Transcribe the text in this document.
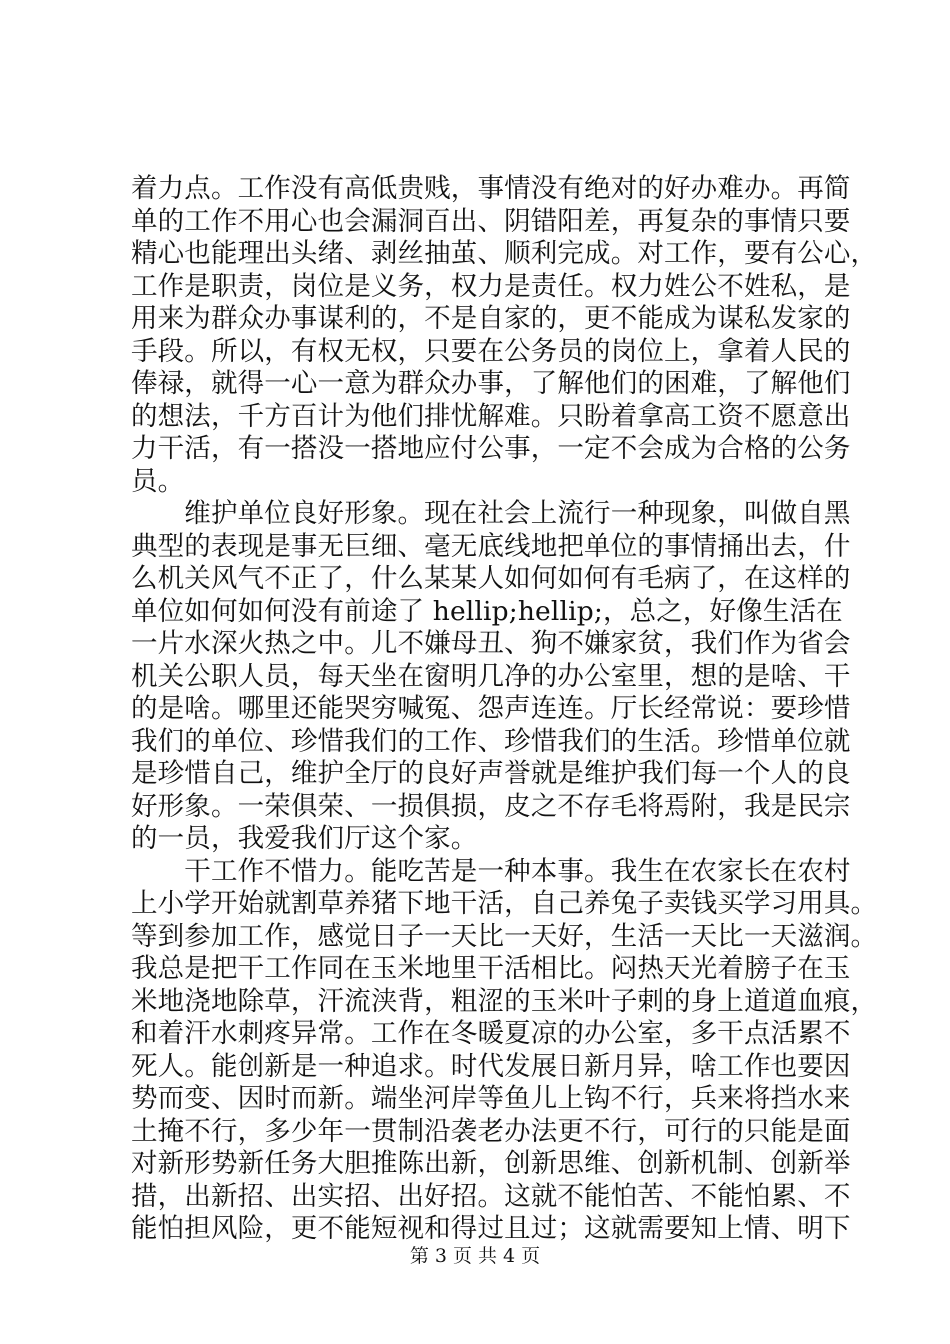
着力点。工作没有高低贵贱，事情没有绝对的好办难办。再简
单的工作不用心也会漏洞百出、阴错阳差，再复杂的事情只要
精心也能理出头绪、剥丝抽茧、顺利完成。对工作，要有公心，
工作是职责，岗位是义务，权力是责任。权力姓公不姓私，是
用来为群众办事谋利的，不是自家的，更不能成为谋私发家的
手段。所以，有权无权，只要在公务员的岗位上，拿着人民的
俸禄，就得一心一意为群众办事，了解他们的困难，了解他们
的想法，千方百计为他们排忧解难。只盼着拿高工资不愿意出
力干活，有一搭没一搭地应付公事，一定不会成为合格的公务
员。
　　维护单位良好形象。现在社会上流行一种现象，叫做自黑
典型的表现是事无巨细、毫无底线地把单位的事情捅出去，什
么机关风气不正了，什么某某人如何如何有毛病了，在这样的
单位如何如何没有前途了 hellip;hellip;，总之，好像生活在
一片水深火热之中。儿不嫌母丑、狗不嫌家贫，我们作为省会
机关公职人员，每天坐在窗明几净的办公室里，想的是啥、干
的是啥。哪里还能哭穷喊冤、怨声连连。厅长经常说：要珍惜
我们的单位、珍惜我们的工作、珍惜我们的生活。珍惜单位就
是珍惜自己，维护全厅的良好声誉就是维护我们每一个人的良
好形象。一荣俱荣、一损俱损，皮之不存毛将焉附，我是民宗
的一员，我爱我们厅这个家。
　　干工作不惜力。能吃苦是一种本事。我生在农家长在农村
上小学开始就割草养猪下地干活，自己养兔子卖钱买学习用具。
等到参加工作，感觉日子一天比一天好，生活一天比一天滋润。
我总是把干工作同在玉米地里干活相比。闷热天光着膀子在玉
米地浇地除草，汗流浃背，粗涩的玉米叶子剌的身上道道血痕，
和着汗水刺疼异常。工作在冬暖夏凉的办公室，多干点活累不
死人。能创新是一种追求。时代发展日新月异，啥工作也要因
势而变、因时而新。端坐河岸等鱼儿上钩不行，兵来将挡水来
土掩不行，多少年一贯制沿袭老办法更不行，可行的只能是面
对新形势新任务大胆推陈出新，创新思维、创新机制、创新举
措，出新招、出实招、出好招。这就不能怕苦、不能怕累、不
能怕担风险，更不能短视和得过且过；这就需要知上情、明下
第 3 页 共 4 页
